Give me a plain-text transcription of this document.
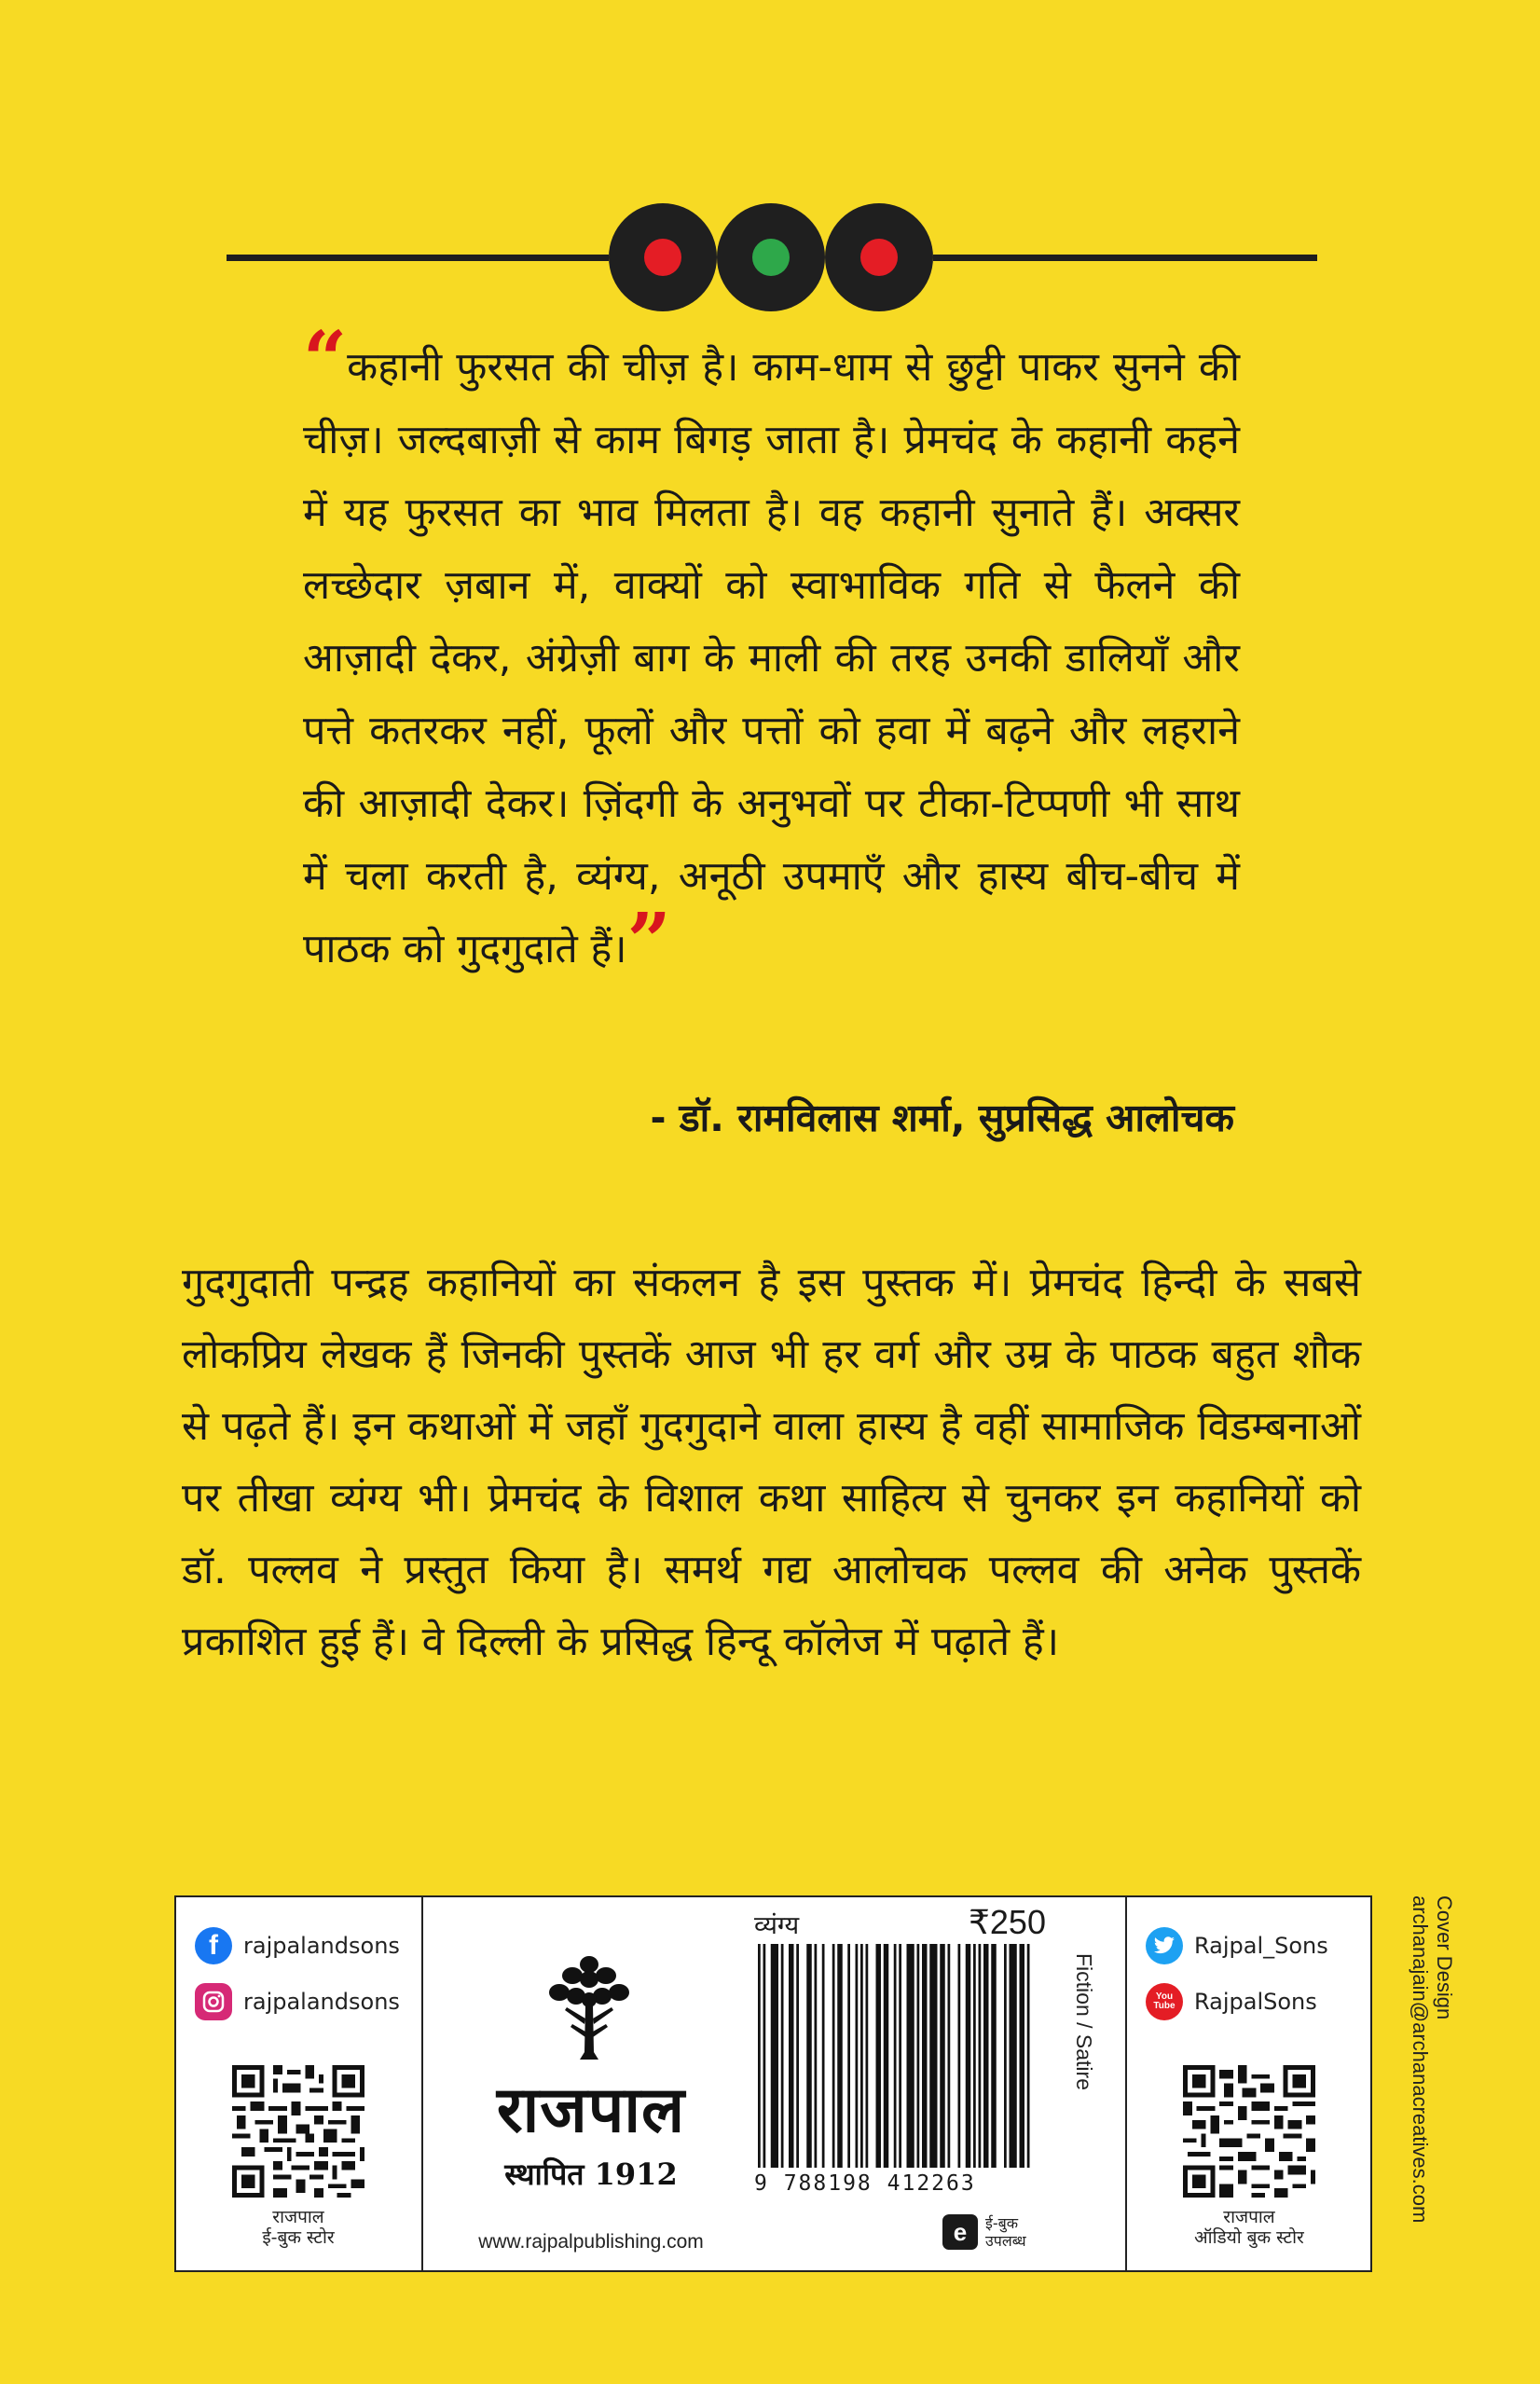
“कहानी फुरसत की चीज़ है। काम-धाम से छुट्टी पाकर सुनने की चीज़। जल्दबाज़ी से काम बिगड़ जाता है। प्रेमचंद के कहानी कहने में यह फुरसत का भाव मिलता है। वह कहानी सुनाते हैं। अक्सर लच्छेदार ज़बान में, वाक्यों को स्वाभाविक गति से फैलने की आज़ादी देकर, अंग्रेज़ी बाग के माली की तरह उनकी डालियाँ और पत्ते कतरकर नहीं, फूलों और पत्तों को हवा में बढ़ने और लहराने की आज़ादी देकर। ज़िंदगी के अनुभवों पर टीका-टिप्पणी भी साथ में चला करती है, व्यंग्य, अनूठी उपमाएँ और हास्य बीच-बीच में पाठक को गुदगुदाते हैं।”
- डॉ. रामविलास शर्मा, सुप्रसिद्ध आलोचक
गुदगुदाती पन्द्रह कहानियों का संकलन है इस पुस्तक में। प्रेमचंद हिन्दी के सबसे लोकप्रिय लेखक हैं जिनकी पुस्तकें आज भी हर वर्ग और उम्र के पाठक बहुत शौक से पढ़ते हैं। इन कथाओं में जहाँ गुदगुदाने वाला हास्य है वहीं सामाजिक विडम्बनाओं पर तीखा व्यंग्य भी। प्रेमचंद के विशाल कथा साहित्य से चुनकर इन कहानियों को डॉ. पल्लव ने प्रस्तुत किया है। समर्थ गद्य आलोचक पल्लव की अनेक पुस्तकें प्रकाशित हुई हैं। वे दिल्ली के प्रसिद्ध हिन्दू कॉलेज में पढ़ाते हैं।
f	rajpalandsons
rajpalandsons
राजपाल
ई-बुक स्टोर
राजपाल
स्थापित 1912
www.rajpalpublishing.com
व्यंग्य	₹250
9 788198 412263
Fiction / Satire
e	ई-बुक
उपलब्ध
Rajpal_Sons
You Tube RajpalSons
राजपाल
ऑडियो बुक स्टोर
Cover Design
archanajain@archanacreatives.com
